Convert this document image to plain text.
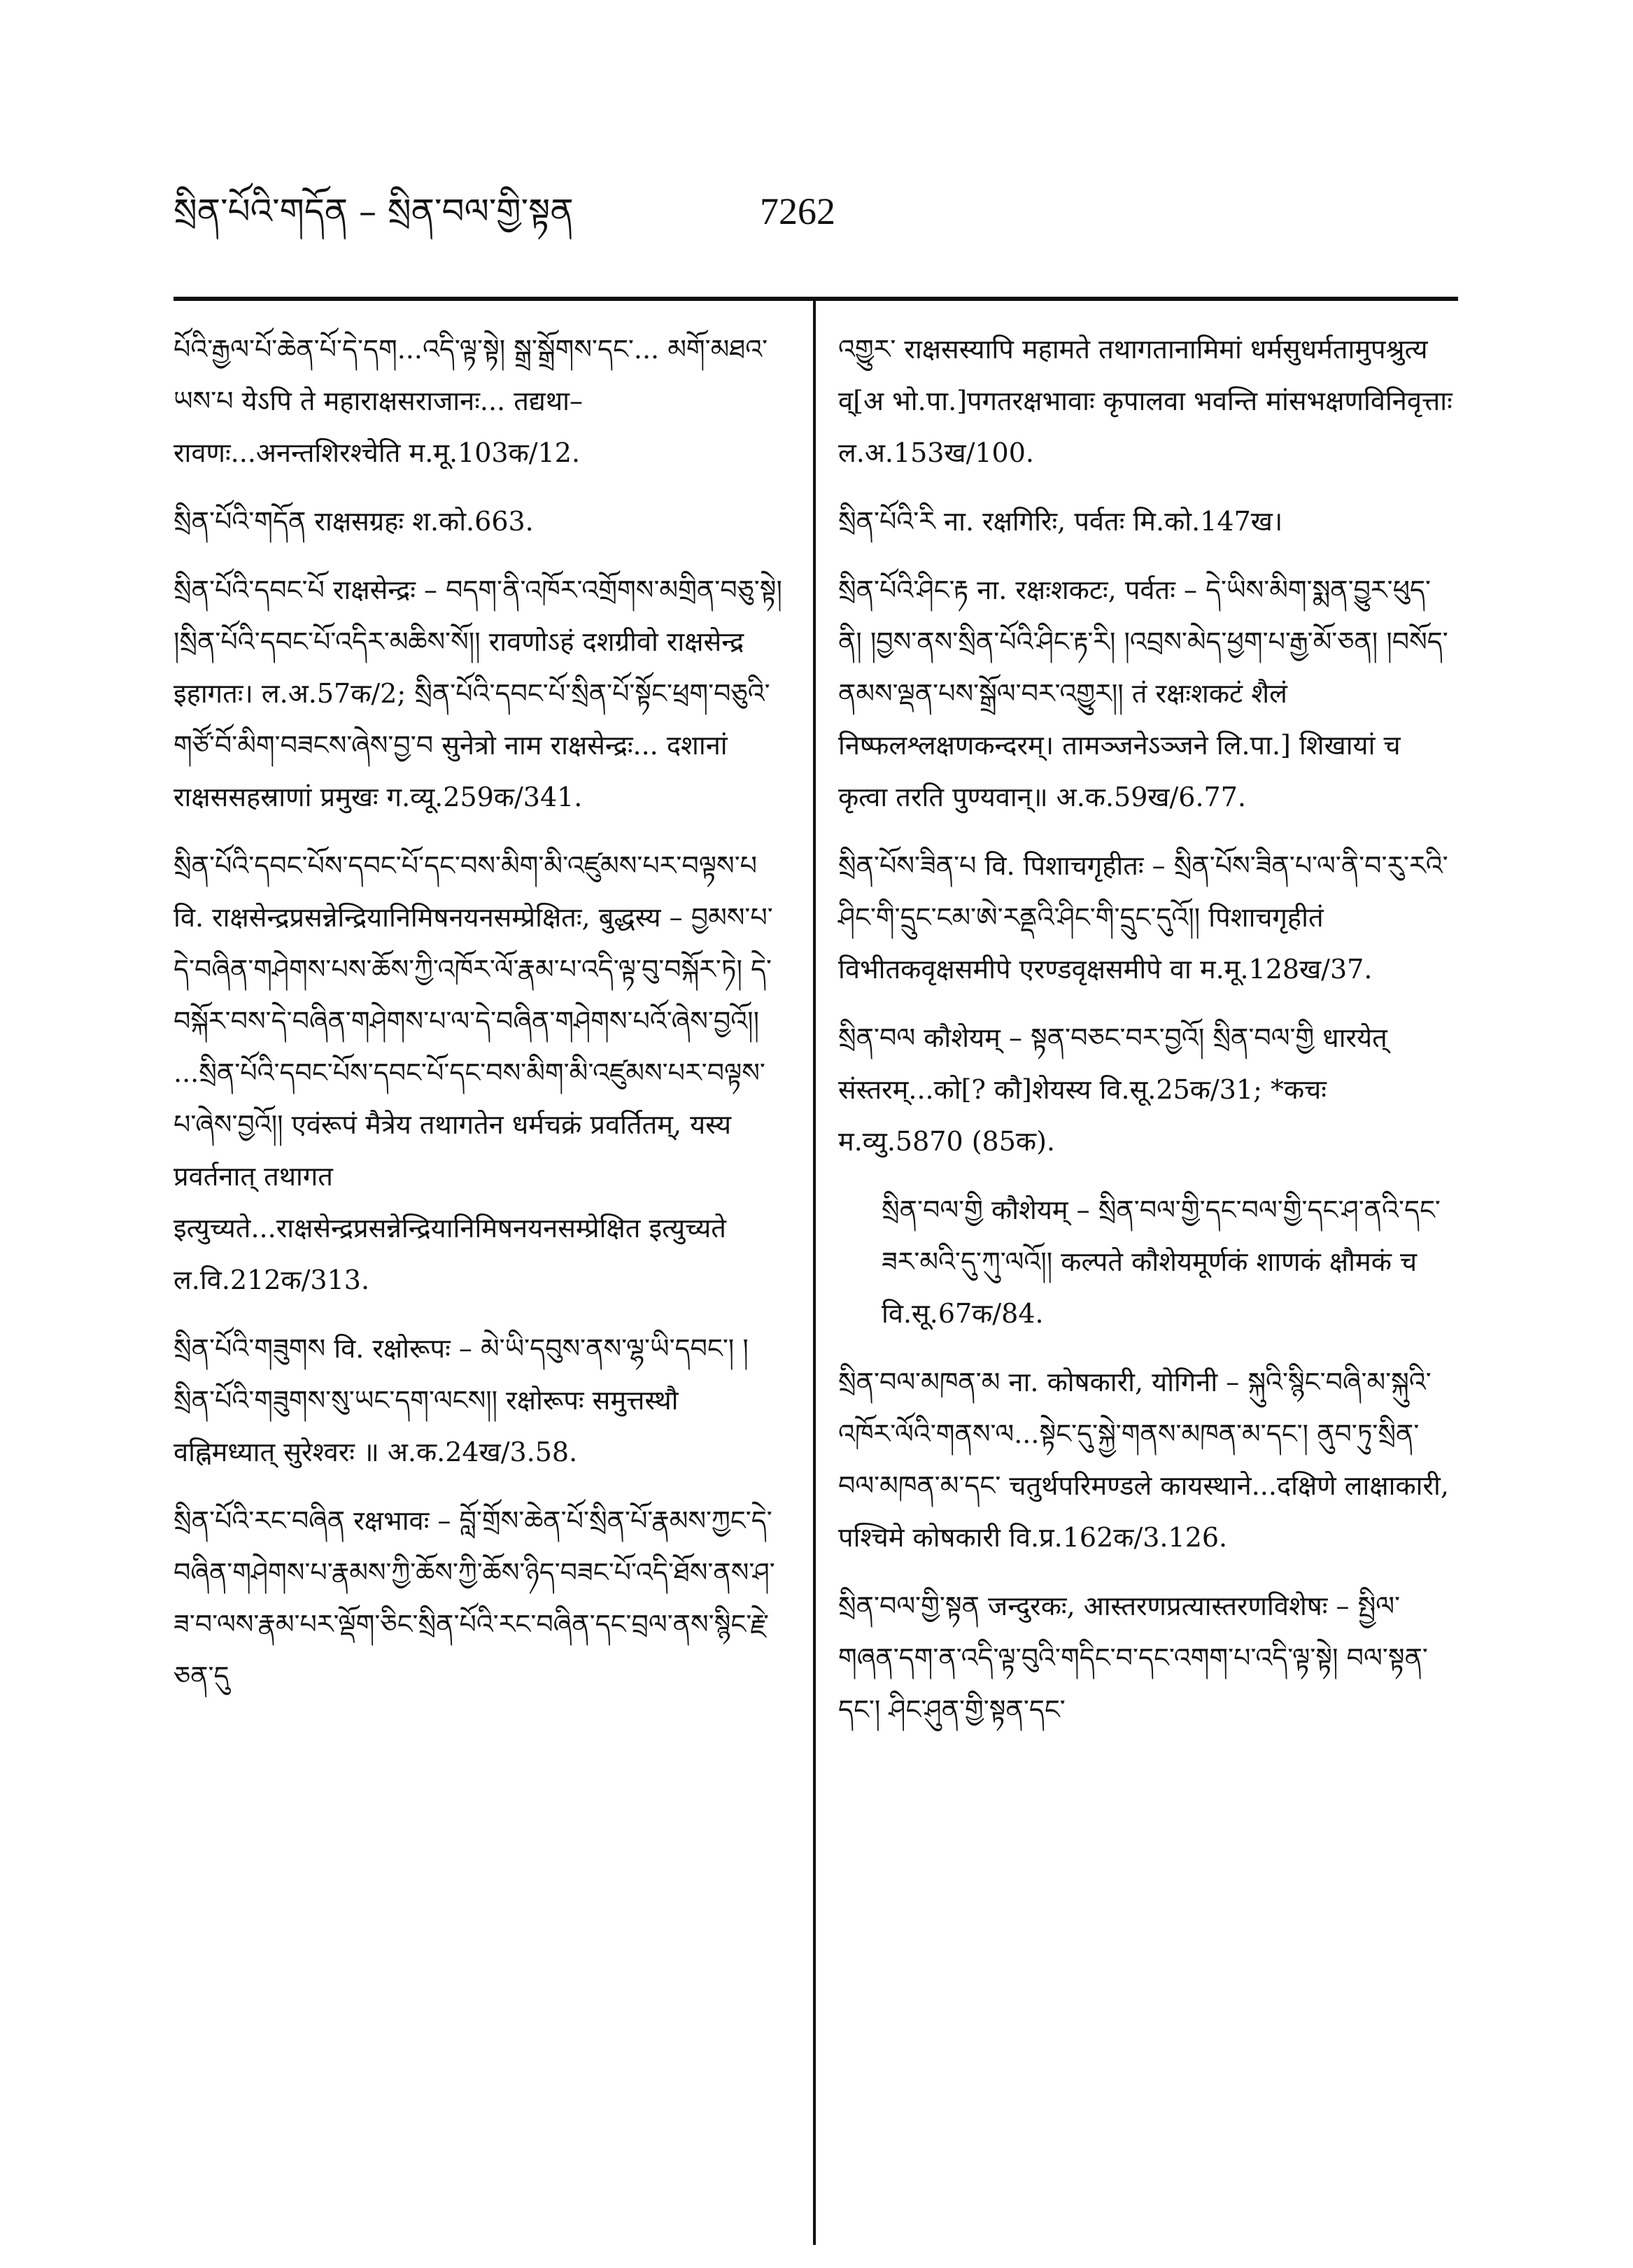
སྲིན་པོའི་གདོན – སྲིན་བལ་གྱི་སྟན	7262

པོའི་རྒྱལ་པོ་ཆེན་པོ་དེ་དག...འདི་ལྟ་སྟེ། སྒྲ་སྒྲོགས་དང་... མགོ་མཐའ་ཡས་པ येऽपि ते महाराक्षसराजानः... तद्यथा–रावणः...अनन्तशिरश्चेति म.मू.103क/12.

སྲིན་པོའི་གདོན राक्षसग्रहः श.को.663.

སྲིན་པོའི་དབང་པོ राक्षसेन्द्रः – བདག་ནི་འཁོར་འགྲོགས་མགྲིན་བཅུ་སྟེ། །སྲིན་པོའི་དབང་པོ་འདིར་མཆིས་སོ།། रावणोऽहं दशग्रीवो राक्षसेन्द्र इहागतः। ल.अ.57क/2; སྲིན་པོའི་དབང་པོ་སྲིན་པོ་སྟོང་ཕྲག་བཅུའི་གཙོ་བོ་མིག་བཟངས་ཞེས་བྱ་བ सुनेत्रो नाम राक्षसेन्द्रः... दशानां राक्षससहस्राणां प्रमुखः ग.व्यू.259क/341.

སྲིན་པོའི་དབང་པོས་དབང་པོ་དང་བས་མིག་མི་འཛུམས་པར་བལྟས་པ वि. राक्षसेन्द्रप्रसन्नेन्द्रियानिमिषनयनसम्प्रेक्षितः, बुद्धस्य – བྱམས་པ་དེ་བཞིན་གཤེགས་པས་ཆོས་ཀྱི་འཁོར་ལོ་རྣམ་པ་འདི་ལྟ་བུ་བསྐོར་ཏེ། དེ་བསྐོར་བས་དེ་བཞིན་གཤེགས་པ་ལ་དེ་བཞིན་གཤེགས་པའོ་ཞེས་བྱའོ།། ...སྲིན་པོའི་དབང་པོས་དབང་པོ་དང་བས་མིག་མི་འཛུམས་པར་བལྟས་པ་ཞེས་བྱའོ།། एवंरूपं मैत्रेय तथागतेन धर्मचक्रं प्रवर्तितम्, यस्य प्रवर्तनात् तथागत इत्युच्यते...राक्षसेन्द्रप्रसन्नेन्द्रियानिमिषनयनसम्प्रेक्षित इत्युच्यते ल.वि.212क/313.

སྲིན་པོའི་གཟུགས वि. रक्षोरूपः – མེ་ཡི་དབུས་ནས་ལྷ་ཡི་དབང་། །སྲིན་པོའི་གཟུགས་སུ་ཡང་དག་ལངས།། रक्षोरूपः समुत्तस्थौ वह्निमध्यात् सुरेश्वरः ॥ अ.क.24ख/3.58.

སྲིན་པོའི་རང་བཞིན रक्षभावः – བློ་གྲོས་ཆེན་པོ་སྲིན་པོ་རྣམས་ཀྱང་དེ་བཞིན་གཤེགས་པ་རྣམས་ཀྱི་ཆོས་ཀྱི་ཆོས་ཉིད་བཟང་པོ་འདི་ཐོས་ནས་ཤ་ཟ་བ་ལས་རྣམ་པར་ལྡོག་ཅིང་སྲིན་པོའི་རང་བཞིན་དང་བྲལ་ནས་སྙིང་རྗེ་ཅན་དུ

འགྱུར་ राक्षसस्यापि महामते तथागतानामिमां धर्मसुधर्मतामुपश्रुत्य व्[अ भो.पा.]पगतरक्षभावाः कृपालवा भवन्ति मांसभक्षणविनिवृत्ताः ल.अ.153ख/100.

སྲིན་པོའི་རི ना. रक्षगिरिः, पर्वतः मि.को.147ख।

སྲིན་པོའི་ཤིང་རྟ ना. रक्षःशकटः, पर्वतः – དེ་ཡིས་མིག་སྨན་བྱུར་ཕུད་ནི། །བྱས་ནས་སྲིན་པོའི་ཤིང་རྟ་རི། །འབྲས་མེད་ཕྱག་པ་རྒྱ་མོ་ཅན། །བསོད་ནམས་ལྡན་པས་སྒྲོལ་བར་འགྱུར།། तं रक्षःशकटं शैलं निष्फलश्लक्षणकन्दरम्। तामञ्जनेऽञ्जने लि.पा.] शिखायां च कृत्वा तरति पुण्यवान्॥ अ.क.59ख/6.77.

སྲིན་པོས་ཟིན་པ वि. पिशाचगृहीतः – སྲིན་པོས་ཟིན་པ་ལ་ནི་བ་རུ་རའི་ཤིང་གི་དྲུང་ངམ་ཨེ་རནྡའི་ཤིང་གི་དྲུང་དུའོ།། पिशाचगृहीतं विभीतकवृक्षसमीपे एरण्डवृक्षसमीपे वा म.मू.128ख/37.

སྲིན་བལ कौशेयम् – སྟན་བཅང་བར་བྱའོ། སྲིན་བལ་གྱི धारयेत् संस्तरम्...को[? कौ]शेयस्य वि.सू.25क/31; *कचः म.व्यु.5870 (85क).

སྲིན་བལ་གྱི कौशेयम् – སྲིན་བལ་གྱི་དང་བལ་གྱི་དང་ཤ་ནའི་དང་ཟར་མའི་དུ་ཀུ་ལའོ།། कल्पते कौशेयमूर्णकं शाणकं क्षौमकं च वि.सू.67क/84.

སྲིན་བལ་མཁན་མ ना. कोषकारी, योगिनी – སྐུའི་སྙིང་བཞི་མ་སྐུའི་འཁོར་ལོའི་གནས་ལ...སྟེང་དུ་སྐྱེ་གནས་མཁན་མ་དང་། ནུབ་ཏུ་སྲིན་བལ་མཁན་མ་དང་ चतुर्थपरिमण्डले कायस्थाने...दक्षिणे लाक्षाकारी, पश्चिमे कोषकारी वि.प्र.162क/3.126.

སྲིན་བལ་གྱི་སྟན जन्दुरकः, आस्तरणप्रत्यास्तरणविशेषः – སྤྱིལ་གཞན་དག་ན་འདི་ལྟ་བུའི་གདིང་བ་དང་འགག་པ་འདི་ལྟ་སྟེ། བལ་སྟན་དང་། ཤིང་ཤུན་གྱི་སྟན་དང་
